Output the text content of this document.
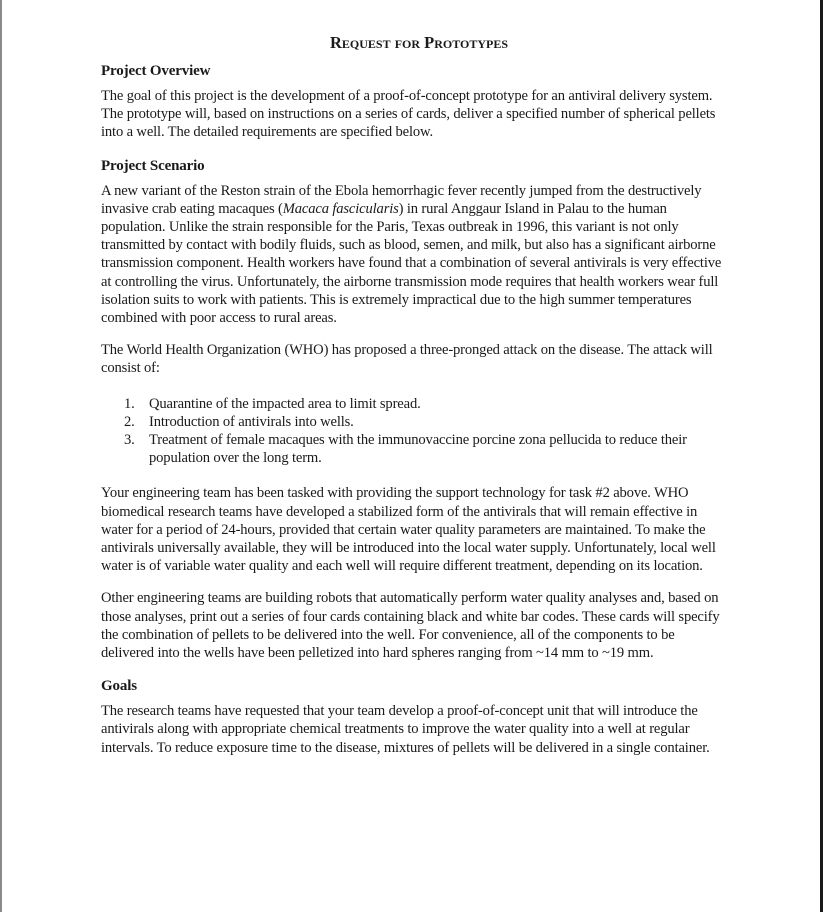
Request for Prototypes
Project Overview

The goal of this project is the development of a proof-of-concept prototype for an antiviral delivery system. The prototype will, based on instructions on a series of cards, deliver a specified number of spherical pellets into a well. The detailed requirements are specified below.

Project Scenario

A new variant of the Reston strain of the Ebola hemorrhagic fever recently jumped from the destructively invasive crab eating macaques (Macaca fascicularis) in rural Anggaur Island in Palau to the human population. Unlike the strain responsible for the Paris, Texas outbreak in 1996, this variant is not only transmitted by contact with bodily fluids, such as blood, semen, and milk, but also has a significant airborne transmission component. Health workers have found that a combination of several antivirals is very effective at controlling the virus. Unfortunately, the airborne transmission mode requires that health workers wear full isolation suits to work with patients. This is extremely impractical due to the high summer temperatures combined with poor access to rural areas.

The World Health Organization (WHO) has proposed a three-pronged attack on the disease. The attack will consist of:

1. Quarantine of the impacted area to limit spread.
2. Introduction of antivirals into wells.
3. Treatment of female macaques with the immunovaccine porcine zona pellucida to reduce their population over the long term.

Your engineering team has been tasked with providing the support technology for task #2 above. WHO biomedical research teams have developed a stabilized form of the antivirals that will remain effective in water for a period of 24-hours, provided that certain water quality parameters are maintained. To make the antivirals universally available, they will be introduced into the local water supply. Unfortunately, local well water is of variable water quality and each well will require different treatment, depending on its location.

Other engineering teams are building robots that automatically perform water quality analyses and, based on those analyses, print out a series of four cards containing black and white bar codes. These cards will specify the combination of pellets to be delivered into the well. For convenience, all of the components to be delivered into the wells have been pelletized into hard spheres ranging from ~14 mm to ~19 mm.

Goals

The research teams have requested that your team develop a proof-of-concept unit that will introduce the antivirals along with appropriate chemical treatments to improve the water quality into a well at regular intervals. To reduce exposure time to the disease, mixtures of pellets will be delivered in a single container.
